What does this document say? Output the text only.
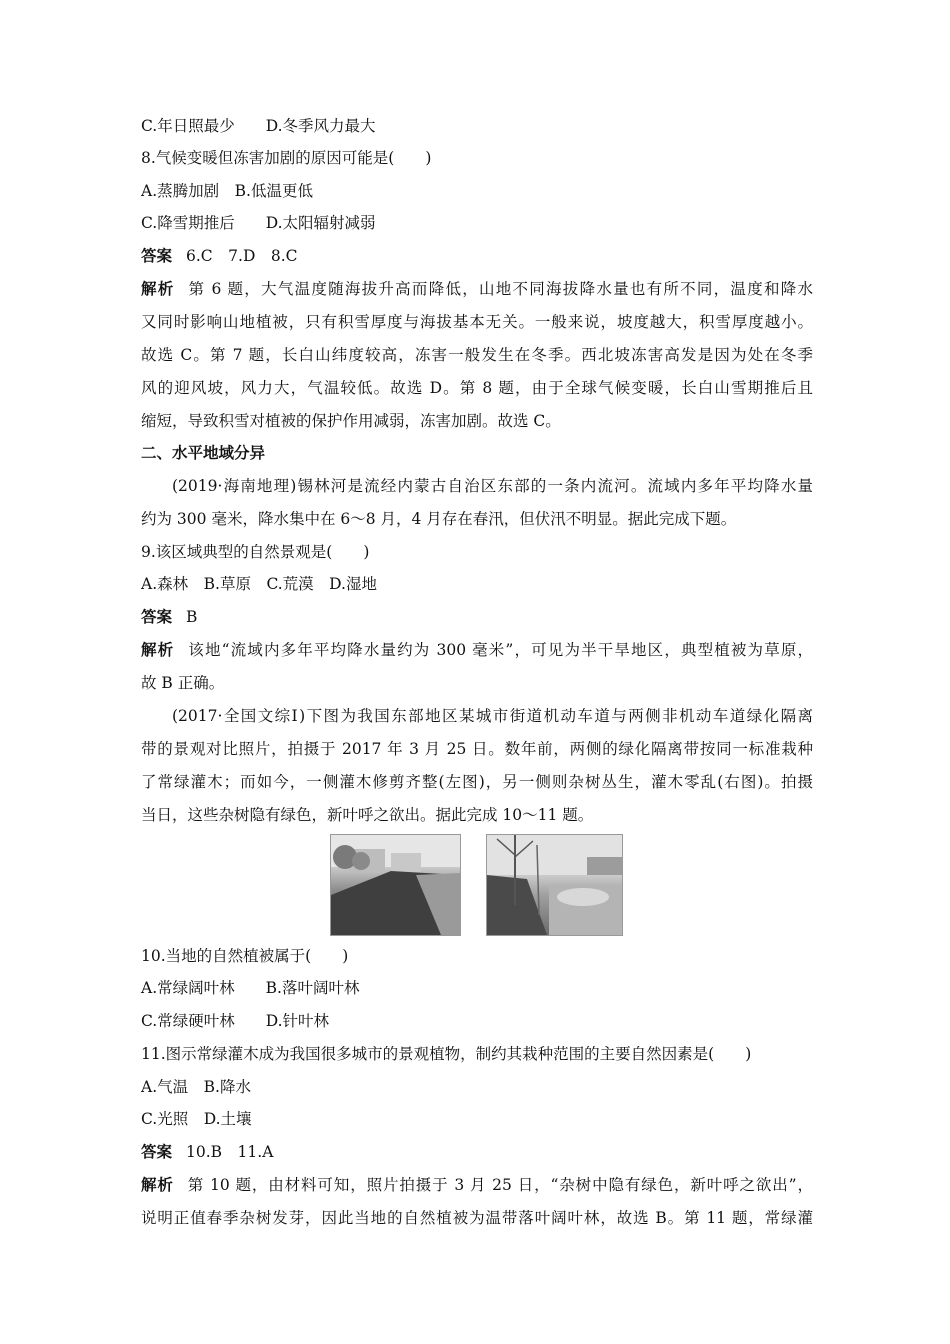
C.年日照最少　　D.冬季风力最大
8.气候变暖但冻害加剧的原因可能是(　　)
A.蒸腾加剧　B.低温更低
C.降雪期推后　　D.太阳辐射减弱
答案 6.C　7.D　8.C
解析 第 6 题，大气温度随海拔升高而降低，山地不同海拔降水量也有所不同，温度和降水
又同时影响山地植被，只有积雪厚度与海拔基本无关。一般来说，坡度越大，积雪厚度越小。
故选 C。第 7 题，长白山纬度较高，冻害一般发生在冬季。西北坡冻害高发是因为处在冬季
风的迎风坡，风力大，气温较低。故选 D。第 8 题，由于全球气候变暖，长白山雪期推后且
缩短，导致积雪对植被的保护作用减弱，冻害加剧。故选 C。
二、水平地域分异
(2019·海南地理)锡林河是流经内蒙古自治区东部的一条内流河。流域内多年平均降水量
约为 300 毫米，降水集中在 6～8 月，4 月存在春汛，但伏汛不明显。据此完成下题。
9.该区域典型的自然景观是(　　)
A.森林　B.草原　C.荒漠　D.湿地
答案 B
解析 该地“流域内多年平均降水量约为 300 毫米”，可见为半干旱地区，典型植被为草原，
故 B 正确。
(2017·全国文综Ⅰ)下图为我国东部地区某城市街道机动车道与两侧非机动车道绿化隔离
带的景观对比照片，拍摄于 2017 年 3 月 25 日。数年前，两侧的绿化隔离带按同一标准栽种
了常绿灌木；而如今，一侧灌木修剪齐整(左图)，另一侧则杂树丛生，灌木零乱(右图)。拍摄
当日，这些杂树隐有绿色，新叶呼之欲出。据此完成 10～11 题。
10.当地的自然植被属于(　　)
A.常绿阔叶林　　B.落叶阔叶林
C.常绿硬叶林　　D.针叶林
11.图示常绿灌木成为我国很多城市的景观植物，制约其栽种范围的主要自然因素是(　　)
A.气温　B.降水
C.光照　D.土壤
答案 10.B　11.A
解析 第 10 题，由材料可知，照片拍摄于 3 月 25 日，“杂树中隐有绿色，新叶呼之欲出”，
说明正值春季杂树发芽，因此当地的自然植被为温带落叶阔叶林，故选 B。第 11 题，常绿灌
